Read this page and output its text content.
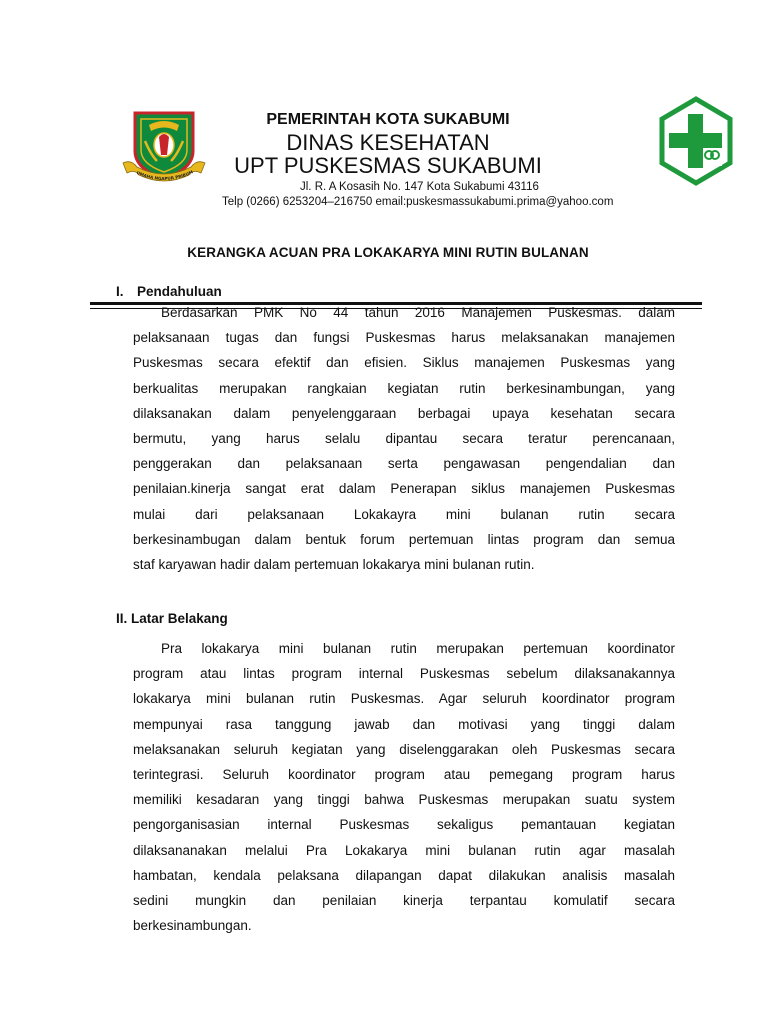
UMAHA NGAPUR PRIBUM
PEMERINTAH KOTA SUKABUMI
DINAS KESEHATAN
UPT PUSKESMAS SUKABUMI
Jl. R. A Kosasih No. 147 Kota Sukabumi 43116
Telp (0266) 6253204–216750 email:puskesmassukabumi.prima@yahoo.com
KERANGKA ACUAN PRA LOKAKARYA MINI RUTIN BULANAN
I. Pendahuluan
Berdasarkan PMK No 44 tahun 2016 Manajemen Puskesmas. dalam
pelaksanaan tugas dan fungsi Puskesmas harus melaksanakan manajemen
Puskesmas secara efektif dan efisien. Siklus manajemen Puskesmas yang
berkualitas merupakan rangkaian kegiatan rutin berkesinambungan, yang
dilaksanakan dalam penyelenggaraan berbagai upaya kesehatan secara
bermutu, yang harus selalu dipantau secara teratur perencanaan,
penggerakan dan pelaksanaan serta pengawasan pengendalian dan
penilaian.kinerja sangat erat dalam Penerapan siklus manajemen Puskesmas
mulai dari pelaksanaan Lokakayra mini bulanan rutin secara
berkesinambugan dalam bentuk forum pertemuan lintas program dan semua
staf karyawan hadir dalam pertemuan lokakarya mini bulanan rutin.
II. Latar Belakang
Pra lokakarya mini bulanan rutin merupakan pertemuan koordinator
program atau lintas program internal Puskesmas sebelum dilaksanakannya
lokakarya mini bulanan rutin Puskesmas. Agar seluruh koordinator program
mempunyai rasa tanggung jawab dan motivasi yang tinggi dalam
melaksanakan seluruh kegiatan yang diselenggarakan oleh Puskesmas secara
terintegrasi. Seluruh koordinator program atau pemegang program harus
memiliki kesadaran yang tinggi bahwa Puskesmas merupakan suatu system
pengorganisasian internal Puskesmas sekaligus pemantauan kegiatan
dilaksananakan melalui Pra Lokakarya mini bulanan rutin agar masalah
hambatan, kendala pelaksana dilapangan dapat dilakukan analisis masalah
sedini mungkin dan penilaian kinerja terpantau komulatif secara
berkesinambungan.
